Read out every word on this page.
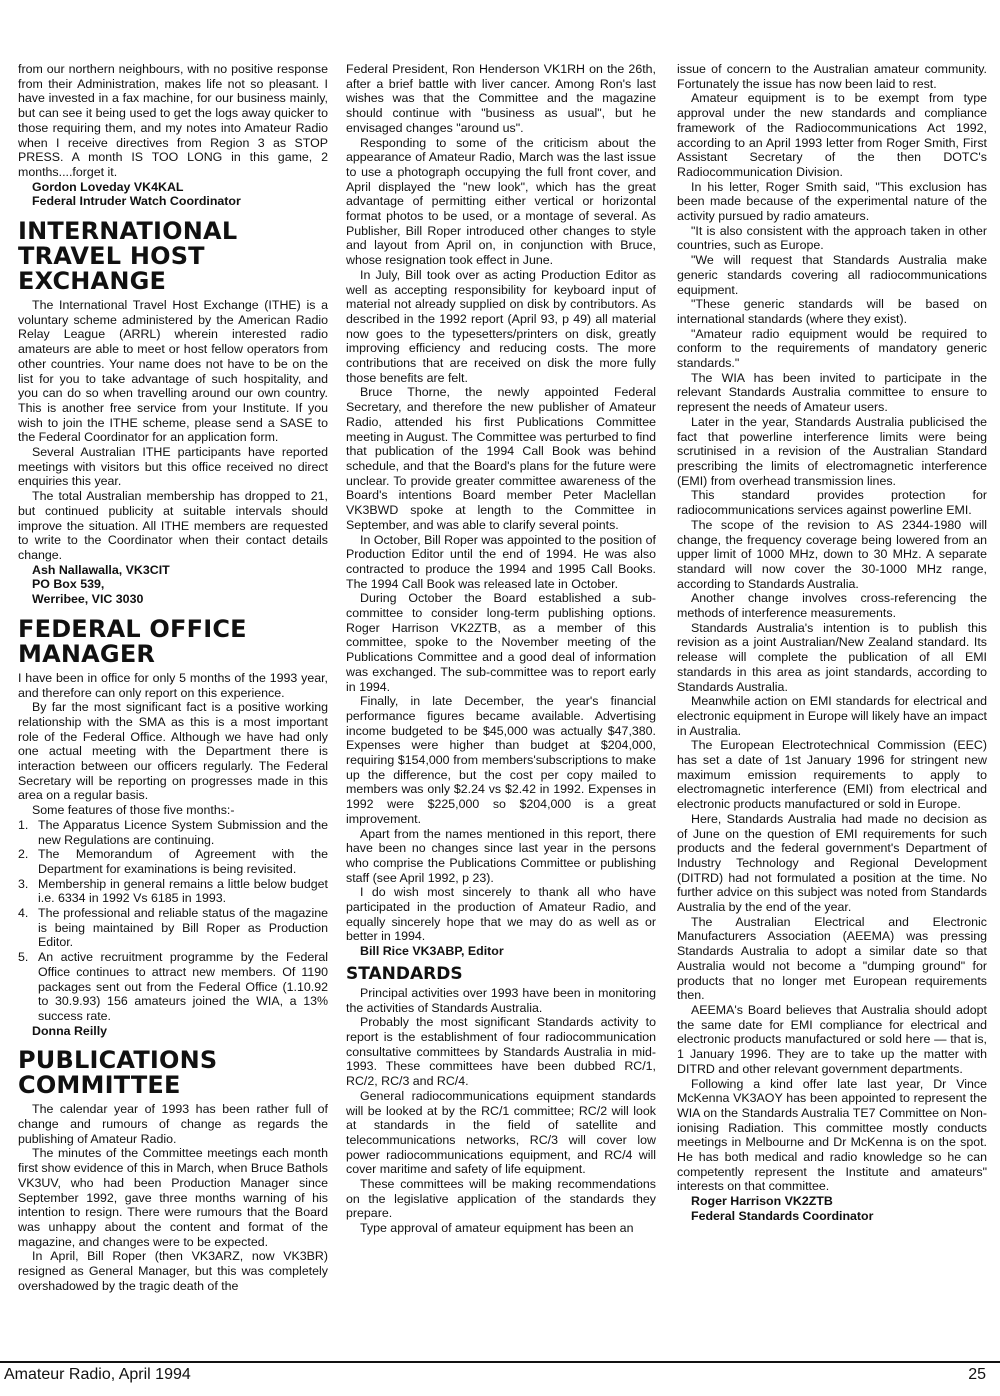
from our northern neighbours, with no positive response from their Administration, makes life not so pleasant. I have invested in a fax machine, for our business mainly, but can see it being used to get the logs away quicker to those requiring them, and my notes into Amateur Radio when I receive directives from Region 3 as STOP PRESS. A month IS TOO LONG in this game, 2 months....forget it.

Gordon Loveday VK4KAL

Federal Intruder Watch Coordinator

INTERNATIONAL TRAVEL HOST EXCHANGE

The International Travel Host Exchange (ITHE) is a voluntary scheme administered by the American Radio Relay League (ARRL) wherein interested radio amateurs are able to meet or host fellow operators from other countries. Your name does not have to be on the list for you to take advantage of such hospitality, and you can do so when travelling around our own country. This is another free service from your Institute. If you wish to join the ITHE scheme, please send a SASE to the Federal Coordinator for an application form.

Several Australian ITHE participants have reported meetings with visitors but this office received no direct enquiries this year.

The total Australian membership has dropped to 21, but continued publicity at suitable intervals should improve the situation. All ITHE members are requested to write to the Coordinator when their contact details change.

Ash Nallawalla, VK3CIT

PO Box 539,

Werribee, VIC 3030

FEDERAL OFFICE MANAGER

I have been in office for only 5 months of the 1993 year, and therefore can only report on this experience.

By far the most significant fact is a positive working relationship with the SMA as this is a most important role of the Federal Office. Although we have had only one actual meeting with the Department there is interaction between our officers regularly. The Federal Secretary will be reporting on progresses made in this area on a regular basis.

Some features of those five months:-

1. The Apparatus Licence System Submission and the new Regulations are continuing.
2. The Memorandum of Agreement with the Department for examinations is being revisited.
3. Membership in general remains a little below budget i.e. 6334 in 1992 Vs 6185 in 1993.
4. The professional and reliable status of the magazine is being maintained by Bill Roper as Production Editor.
5. An active recruitment programme by the Federal Office continues to attract new members. Of 1190 packages sent out from the Federal Office (1.10.92 to 30.9.93) 156 amateurs joined the WIA, a 13% success rate.

Donna Reilly

PUBLICATIONS COMMITTEE

The calendar year of 1993 has been rather full of change and rumours of change as regards the publishing of Amateur Radio.

The minutes of the Committee meetings each month first show evidence of this in March, when Bruce Bathols VK3UV, who had been Production Manager since September 1992, gave three months warning of his intention to resign. There were rumours that the Board was unhappy about the content and format of the magazine, and changes were to be expected.

In April, Bill Roper (then VK3ARZ, now VK3BR) resigned as General Manager, but this was completely overshadowed by the tragic death of the

Federal President, Ron Henderson VK1RH on the 26th, after a brief battle with liver cancer. Among Ron's last wishes was that the Committee and the magazine should continue with "business as usual", but he envisaged changes "around us".

Responding to some of the criticism about the appearance of Amateur Radio, March was the last issue to use a photograph occupying the full front cover, and April displayed the "new look", which has the great advantage of permitting either vertical or horizontal format photos to be used, or a montage of several. As Publisher, Bill Roper introduced other changes to style and layout from April on, in conjunction with Bruce, whose resignation took effect in June.

In July, Bill took over as acting Production Editor as well as accepting responsibility for keyboard input of material not already supplied on disk by contributors. As described in the 1992 report (April 93, p 49) all material now goes to the typesetters/printers on disk, greatly improving efficiency and reducing costs. The more contributions that are received on disk the more fully those benefits are felt.

Bruce Thorne, the newly appointed Federal Secretary, and therefore the new publisher of Amateur Radio, attended his first Publications Committee meeting in August. The Committee was perturbed to find that publication of the 1994 Call Book was behind schedule, and that the Board's plans for the future were unclear. To provide greater committee awareness of the Board's intentions Board member Peter Maclellan VK3BWD spoke at length to the Committee in September, and was able to clarify several points.

In October, Bill Roper was appointed to the position of Production Editor until the end of 1994. He was also contracted to produce the 1994 and 1995 Call Books. The 1994 Call Book was released late in October.

During October the Board established a sub-committee to consider long-term publishing options. Roger Harrison VK2ZTB, as a member of this committee, spoke to the November meeting of the Publications Committee and a good deal of information was exchanged. The sub-committee was to report early in 1994.

Finally, in late December, the year's financial performance figures became available. Advertising income budgeted to be $45,000 was actually $47,380. Expenses were higher than budget at $204,000, requiring $154,000 from members'subscriptions to make up the difference, but the cost per copy mailed to members was only $2.24 vs $2.42 in 1992. Expenses in 1992 were $225,000 so $204,000 is a great improvement.

Apart from the names mentioned in this report, there have been no changes since last year in the persons who comprise the Publications Committee or publishing staff (see April 1992, p 23).

I do wish most sincerely to thank all who have participated in the production of Amateur Radio, and equally sincerely hope that we may do as well as or better in 1994.

Bill Rice VK3ABP, Editor

STANDARDS

Principal activities over 1993 have been in monitoring the activities of Standards Australia.

Probably the most significant Standards activity to report is the establishment of four radiocommunication consultative committees by Standards Australia in mid-1993. These committees have been dubbed RC/1, RC/2, RC/3 and RC/4.

General radiocommunications equipment standards will be looked at by the RC/1 committee; RC/2 will look at standards in the field of satellite and telecommunications networks, RC/3 will cover low power radiocommunications equipment, and RC/4 will cover maritime and safety of life equipment.

These committees will be making recommendations on the legislative application of the standards they prepare.

Type approval of amateur equipment has been an

issue of concern to the Australian amateur community. Fortunately the issue has now been laid to rest.

Amateur equipment is to be exempt from type approval under the new standards and compliance framework of the Radiocommunications Act 1992, according to an April 1993 letter from Roger Smith, First Assistant Secretary of the then DOTC's Radiocommunication Division.

In his letter, Roger Smith said, "This exclusion has been made because of the experimental nature of the activity pursued by radio amateurs.

"It is also consistent with the approach taken in other countries, such as Europe.

"We will request that Standards Australia make generic standards covering all radiocommunications equipment.

"These generic standards will be based on international standards (where they exist).

"Amateur radio equipment would be required to conform to the requirements of mandatory generic standards."

The WIA has been invited to participate in the relevant Standards Australia committee to ensure to represent the needs of Amateur users.

Later in the year, Standards Australia publicised the fact that powerline interference limits were being scrutinised in a revision of the Australian Standard prescribing the limits of electromagnetic interference (EMI) from overhead transmission lines.

This standard provides protection for radiocommunications services against powerline EMI.

The scope of the revision to AS 2344-1980 will change, the frequency coverage being lowered from an upper limit of 1000 MHz, down to 30 MHz. A separate standard will now cover the 30-1000 MHz range, according to Standards Australia.

Another change involves cross-referencing the methods of interference measurements.

Standards Australia's intention is to publish this revision as a joint Australian/New Zealand standard. Its release will complete the publication of all EMI standards in this area as joint standards, according to Standards Australia.

Meanwhile action on EMI standards for electrical and electronic equipment in Europe will likely have an impact in Australia.

The European Electrotechnical Commission (EEC) has set a date of 1st January 1996 for stringent new maximum emission requirements to apply to electromagnetic interference (EMI) from electrical and electronic products manufactured or sold in Europe.

Here, Standards Australia had made no decision as of June on the question of EMI requirements for such products and the federal government's Department of Industry Technology and Regional Development (DITRD) had not formulated a position at the time. No further advice on this subject was noted from Standards Australia by the end of the year.

The Australian Electrical and Electronic Manufacturers Association (AEEMA) was pressing Standards Australia to adopt a similar date so that Australia would not become a "dumping ground" for products that no longer met European requirements then.

AEEMA's Board believes that Australia should adopt the same date for EMI compliance for electrical and electronic products manufactured or sold here — that is, 1 January 1996. They are to take up the matter with DITRD and other relevant government departments.

Following a kind offer late last year, Dr Vince McKenna VK3AOY has been appointed to represent the WIA on the Standards Australia TE7 Committee on Non-ionising Radiation. This committee mostly conducts meetings in Melbourne and Dr McKenna is on the spot. He has both medical and radio knowledge so he can competently represent the Institute and amateurs" interests on that committee.

Roger Harrison VK2ZTB

Federal Standards Coordinator

Amateur Radio, April 1994	25
